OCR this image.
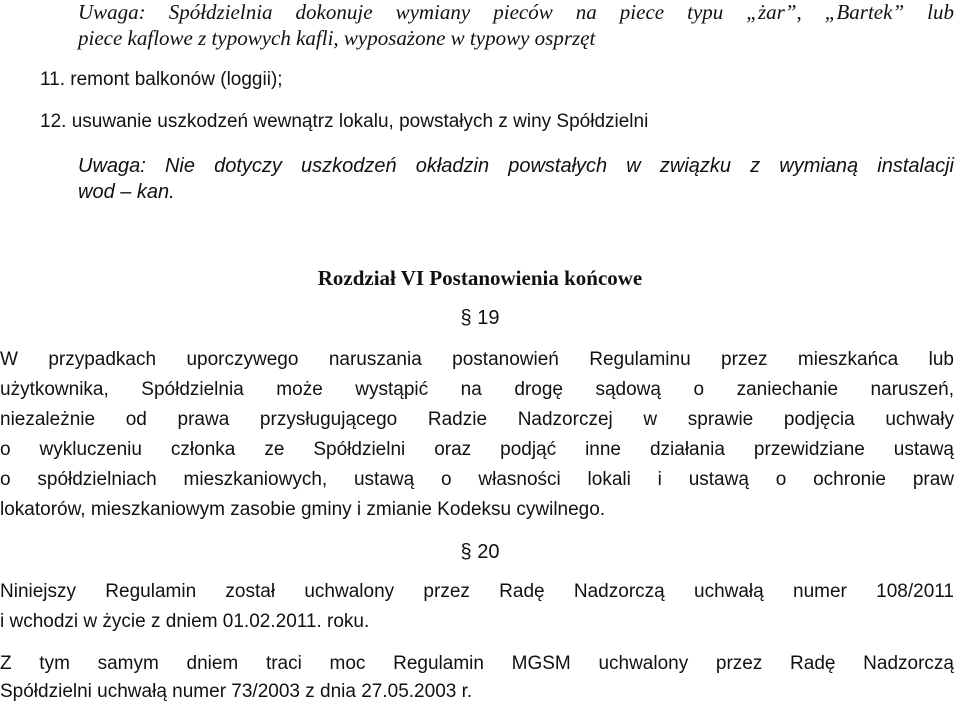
Uwaga: Spółdzielnia dokonuje wymiany pieców na piece typu „żar”, „Bartek” lub
piece kaflowe z typowych kafli, wyposażone w typowy osprzęt
11. remont balkonów (loggii);
12. usuwanie uszkodzeń wewnątrz lokalu, powstałych z winy Spółdzielni
Uwaga: Nie dotyczy uszkodzeń okładzin powstałych w związku z wymianą instalacji
wod – kan.
Rozdział VI Postanowienia końcowe
§ 19
W przypadkach uporczywego naruszania postanowień Regulaminu przez mieszkańca lub
użytkownika, Spółdzielnia może wystąpić na drogę sądową o zaniechanie naruszeń,
niezależnie od prawa przysługującego Radzie Nadzorczej w sprawie podjęcia uchwały
o wykluczeniu członka ze Spółdzielni oraz podjąć inne działania przewidziane ustawą
o spółdzielniach mieszkaniowych, ustawą o własności lokali i ustawą o ochronie praw
lokatorów, mieszkaniowym zasobie gminy i zmianie Kodeksu cywilnego.
§ 20
Niniejszy Regulamin został uchwalony przez Radę Nadzorczą uchwałą numer 108/2011
i wchodzi w życie z dniem 01.02.2011. roku.
Z tym samym dniem traci moc Regulamin MGSM uchwalony przez Radę Nadzorczą
Spółdzielni uchwałą numer 73/2003 z dnia 27.05.2003 r.
